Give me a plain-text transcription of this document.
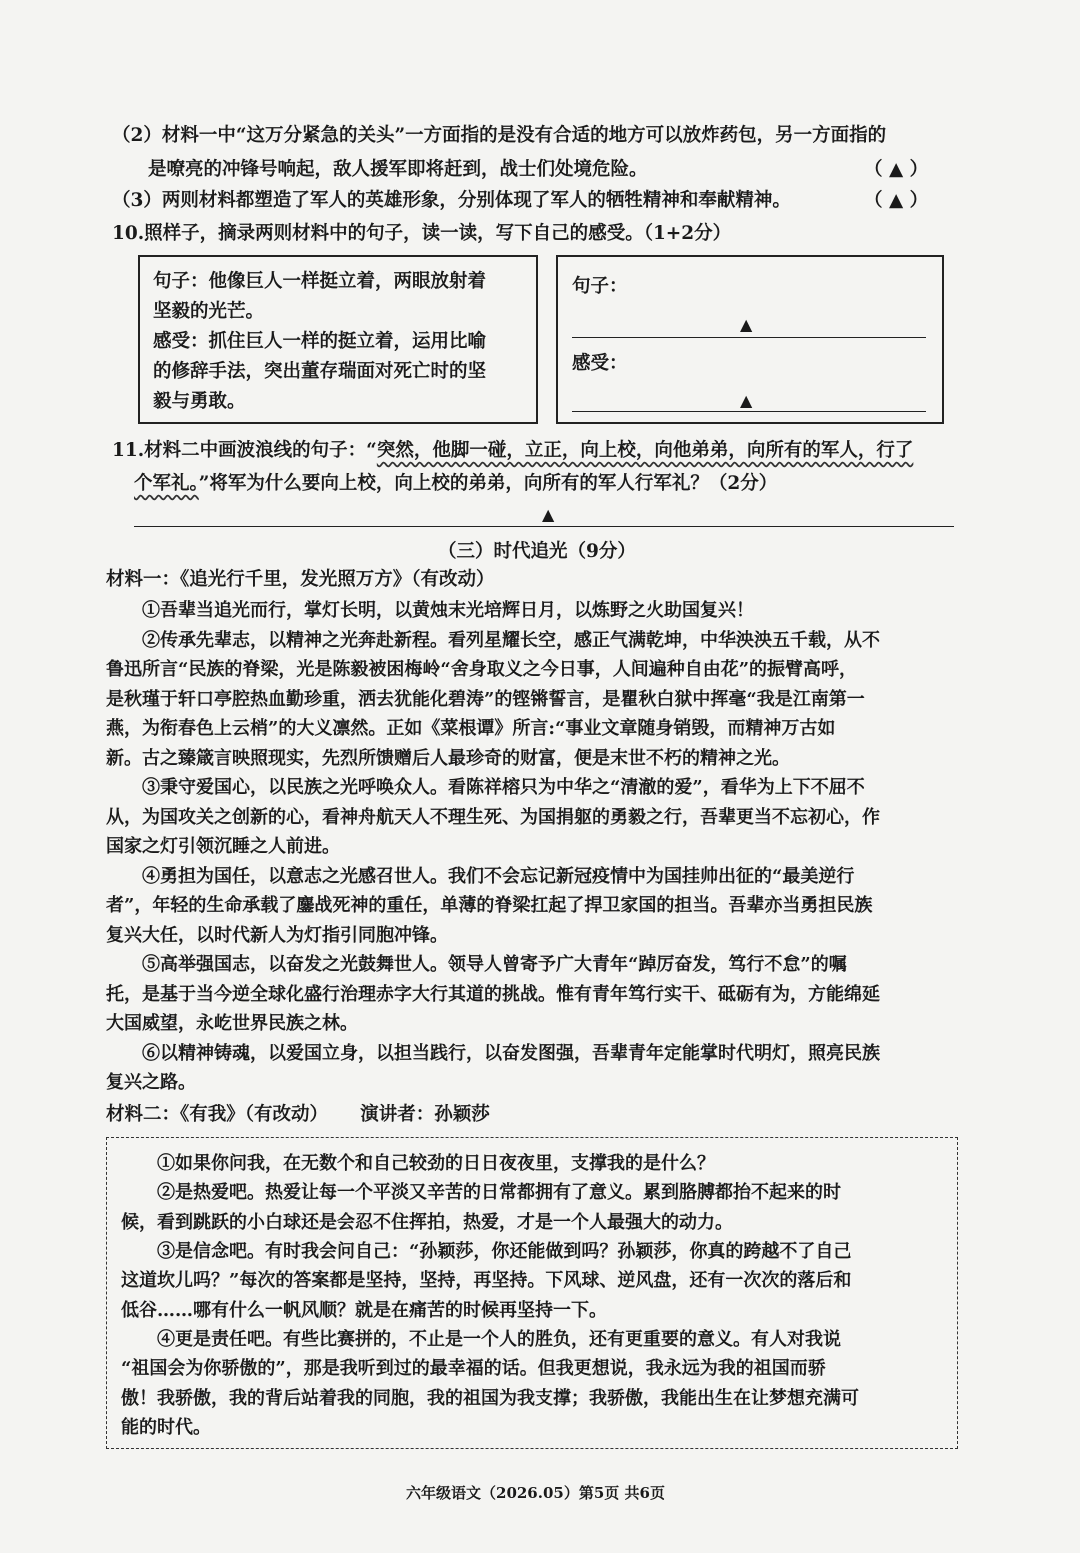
（2）材料一中“这万分紧急的关头”一方面指的是没有合适的地方可以放炸药包，另一方面指的
是嘹亮的冲锋号响起，敌人援军即将赶到，战士们处境危险。	（ ▲ ）
（3）两则材料都塑造了军人的英雄形象，分别体现了军人的牺牲精神和奉献精神。	（ ▲ ）
10.照样子，摘录两则材料中的句子，读一读，写下自己的感受。（1+2分）
句子：他像巨人一样挺立着，两眼放射着
坚毅的光芒。
感受：抓住巨人一样的挺立着，运用比喻
的修辞手法，突出董存瑞面对死亡时的坚
毅与勇敢。
句子：
▲
感受：
▲
11.材料二中画波浪线的句子：“突然，他脚一碰，立正，向上校，向他弟弟，向所有的军人，行了
个军礼。”将军为什么要向上校，向上校的弟弟，向所有的军人行军礼？（2分）
▲
（三）时代追光（9分）
材料一：《追光行千里，发光照万方》（有改动）
①吾辈当追光而行，掌灯长明，以黄烛末光培辉日月，以炼野之火助国复兴！
②传承先辈志，以精神之光奔赴新程。看列星耀长空，感正气满乾坤，中华泱泱五千载，从不
鲁迅所言“民族的脊梁，光是陈毅被困梅岭“舍身取义之今日事，人间遍种自由花”的振臂高呼，
是秋瑾于轩口亭腔热血勤珍重，洒去犹能化碧涛”的铿锵誓言，是瞿秋白狱中挥毫“我是江南第一
燕，为衔春色上云梢”的大义凛然。正如《菜根谭》所言:“事业文章随身销毁，而精神万古如
新。古之臻箴言映照现实，先烈所馈赠后人最珍奇的财富，便是末世不朽的精神之光。
③秉守爱国心，以民族之光呼唤众人。看陈祥榕只为中华之“清澈的爱”，看华为上下不屈不
从，为国攻关之创新的心，看神舟航天人不理生死、为国捐躯的勇毅之行，吾辈更当不忘初心，作
国家之灯引领沉睡之人前进。
④勇担为国任，以意志之光感召世人。我们不会忘记新冠疫情中为国挂帅出征的“最美逆行
者”，年轻的生命承载了鏖战死神的重任，单薄的脊梁扛起了捍卫家国的担当。吾辈亦当勇担民族
复兴大任，以时代新人为灯指引同胞冲锋。
⑤高举强国志，以奋发之光鼓舞世人。领导人曾寄予广大青年“踔厉奋发，笃行不怠”的嘱
托，是基于当今逆全球化盛行治理赤字大行其道的挑战。惟有青年笃行实干、砥砺有为，方能绵延
大国威望，永屹世界民族之林。
⑥以精神铸魂，以爱国立身，以担当践行，以奋发图强，吾辈青年定能掌时代明灯，照亮民族
复兴之路。
材料二：《有我》（有改动）     演讲者：孙颖莎
①如果你问我，在无数个和自己较劲的日日夜夜里，支撑我的是什么？
②是热爱吧。热爱让每一个平淡又辛苦的日常都拥有了意义。累到胳膊都抬不起来的时
候，看到跳跃的小白球还是会忍不住挥拍，热爱，才是一个人最强大的动力。
③是信念吧。有时我会问自己：“孙颖莎，你还能做到吗？孙颖莎，你真的跨越不了自己
这道坎儿吗？”每次的答案都是坚持，坚持，再坚持。下风球、逆风盘，还有一次次的落后和
低谷……哪有什么一帆风顺？就是在痛苦的时候再坚持一下。
④更是责任吧。有些比赛拼的，不止是一个人的胜负，还有更重要的意义。有人对我说
“祖国会为你骄傲的”，那是我听到过的最幸福的话。但我更想说，我永远为我的祖国而骄
傲！我骄傲，我的背后站着我的同胞，我的祖国为我支撑；我骄傲，我能出生在让梦想充满可
能的时代。
六年级语文（2026.05）第5页 共6页
